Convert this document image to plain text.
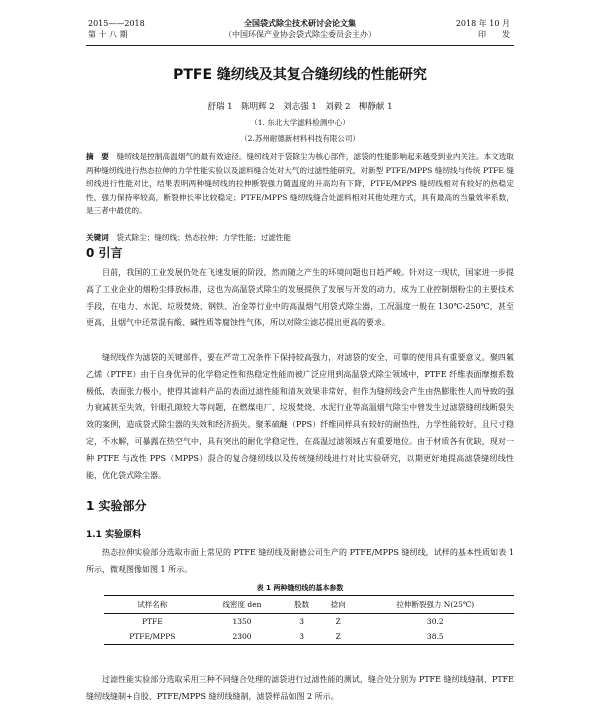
2015——2018
第 十 八 期
全国袋式除尘技术研讨会论文集
（中国环保产业协会袋式除尘委员会主办）
2018 年 10 月
印　　发
PTFE 缝纫线及其复合缝纫线的性能研究
舒瑞 1　陈明辉 2　刘志强 1　刘毅 2　柳静献 1
（1. 东北大学滤料检测中心）
（2.苏州耐德新材料科技有限公司）
摘　要　 缝纫线是控制高温烟气的最有效途径。缝纫线对于袋除尘为核心部件，滤袋的性能影响起来越受到业内关注。本文选取两种缝纫线进行热态拉伸的力学性能实验以及滤料缝合处对大气的过滤性能研究，对新型 PTFE/MPPS 缝纫线与传统 PTFE 缝纫线进行性能对比，结果表明两种缝纫线的拉伸断裂强力随温度的升高均有下降，PTFE/MPPS 缝纫线相对有较好的热稳定性，强力保持率较高，断裂伸长率比较稳定；PTFE/MPPS 缝纫线缝合处滤料相对其他处理方式，具有最高的当量效率系数，是三者中最优的。
关键词　 袋式除尘；缝纫线；热态拉伸；力学性能；过滤性能
0 引言
目前，我国的工业发展仍处在飞速发展的阶段，然而随之产生的环境问题也日趋严峻。针对这一现状，国家进一步提高了工业企业的烟粉尘排放标准，这也为高温袋式除尘的发展提供了发展与开发的动力，成为工业控制烟粉尘的主要技术手段，在电力、水泥、垃圾焚烧、钢铁、冶金等行业中的高温烟气用袋式除尘器，工况温度一般在 130℃-250℃，甚至更高，且烟气中还常混有酸、碱性质等腐蚀性气体，所以对除尘滤芯提出更高的要求。
缝纫线作为滤袋的关键部件，要在严苛工况条件下保持较高强力，对滤袋的安全、可靠的使用具有重要意义。聚四氟乙烯（PTFE）由于自身优异的化学稳定性和热稳定性能而被广泛应用到高温袋式除尘领域中，PTFE 纤维表面摩擦系数极低，表面张力极小，使得其滤料产品的表面过滤性能和清灰效果非常好，但作为缝纫线会产生由热膨胀性人而导致的强力衰减甚至失效，针眼孔隙较大等问题，在燃煤电厂、垃圾焚烧、水泥行业等高温烟气除尘中曾发生过滤袋缝纫线断裂失效的案例，造成袋式除尘器的失效和经济损失。聚苯硫醚（PPS）纤维同样具有较好的耐热性，力学性能较好，且尺寸稳定，不水解，可暴露在热空气中，具有突出的耐化学稳定性，在高温过滤领域占有重要地位。由于材质各有优缺，现对一种 PTFE 与改性 PPS（MPPS）混合的复合缝纫线以及传统缝纫线进行对比实验研究，以期更好地提高滤袋缝纫线性能，优化袋式除尘器。
1 实验部分
1.1 实验原料
热态拉伸实验部分选取市面上常见的 PTFE 缝纫线及耐德公司生产的 PTFE/MPPS 缝纫线，试样的基本性质如表 1 所示，微观图像如图 1 所示。
表 1 两种缝纫线的基本参数
试样名称	线密度 den	股数	捻向	拉伸断裂强力 N(25℃)
PTFE	1350	3	Z	30.2
PTFE/MPPS	2300	3	Z	38.5
过滤性能实验部分选取采用三种不同缝合处理的滤袋进行过滤性能的测试，缝合处分别为 PTFE 缝纫线缝制、PTFE 缝纫线缝制+自胶、PTFE/MPPS 缝纫线缝制，滤袋样品如图 2 所示。
